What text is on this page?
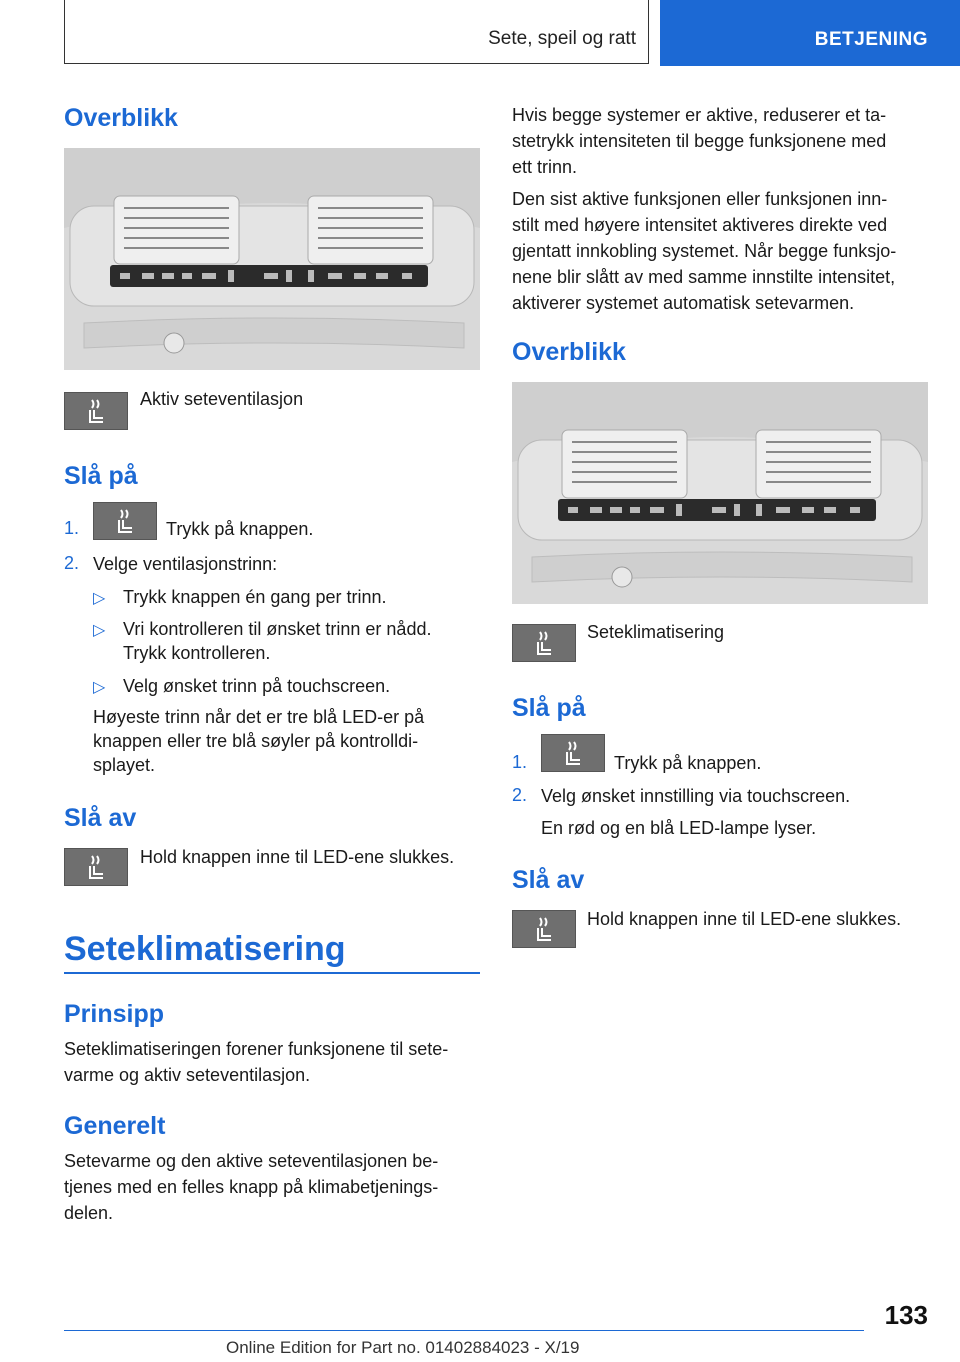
Sete, speil og ratt	BETJENING
Overblikk
Aktiv seteventilasjon
Slå på
1.	Trykk på knappen.
2. Velge ventilasjonstrinn:
▷ Trykk knappen én gang per trinn.
▷ Vri kontrolleren til ønsket trinn er nådd.
Trykk kontrolleren.
▷ Velg ønsket trinn på touchscreen.
Høyeste trinn når det er tre blå LED-er på
knappen eller tre blå søyler på kontrolldi-
splayet.
Slå av
Hold knappen inne til LED-ene slukkes.
Seteklimatisering
Prinsipp
Seteklimatiseringen forener funksjonene til sete-
varme og aktiv seteventilasjon.
Generelt
Setevarme og den aktive seteventilasjonen be-
tjenes med en felles knapp på klimabetjenings-
delen.
Hvis begge systemer er aktive, reduserer et ta-
stetrykk intensiteten til begge funksjonene med
ett trinn.
Den sist aktive funksjonen eller funksjonen inn-
stilt med høyere intensitet aktiveres direkte ved
gjentatt innkobling systemet. Når begge funksjo-
nene blir slått av med samme innstilte intensitet,
aktiverer systemet automatisk setevarmen.
Overblikk
Seteklimatisering
Slå på
1.	Trykk på knappen.
2. Velg ønsket innstilling via touchscreen.
En rød og en blå LED-lampe lyser.
Slå av
Hold knappen inne til LED-ene slukkes.
133
Online Edition for Part no. 01402884023 - X/19
